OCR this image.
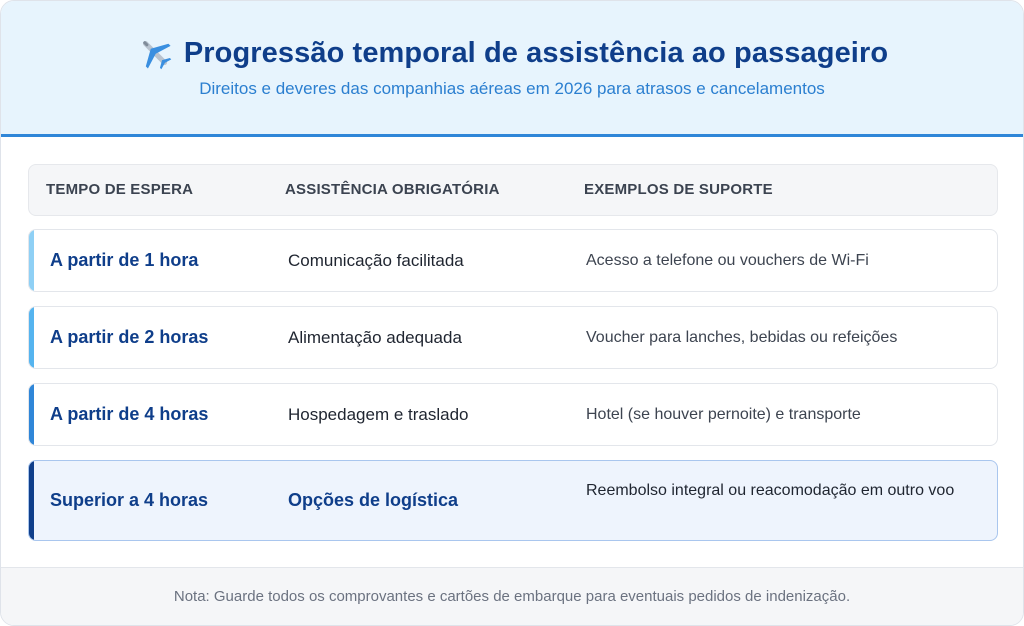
Progressão temporal de assistência ao passageiro
Direitos e deveres das companhias aéreas em 2026 para atrasos e cancelamentos
TEMPO DE ESPERA	ASSISTÊNCIA OBRIGATÓRIA	EXEMPLOS DE SUPORTE
A partir de 1 hora	Comunicação facilitada	Acesso a telefone ou vouchers de Wi-Fi
A partir de 2 horas	Alimentação adequada	Voucher para lanches, bebidas ou refeições
A partir de 4 horas	Hospedagem e traslado	Hotel (se houver pernoite) e transporte
Superior a 4 horas	Opções de logística	Reembolso integral ou reacomodação em outro voo
Nota: Guarde todos os comprovantes e cartões de embarque para eventuais pedidos de indenização.
